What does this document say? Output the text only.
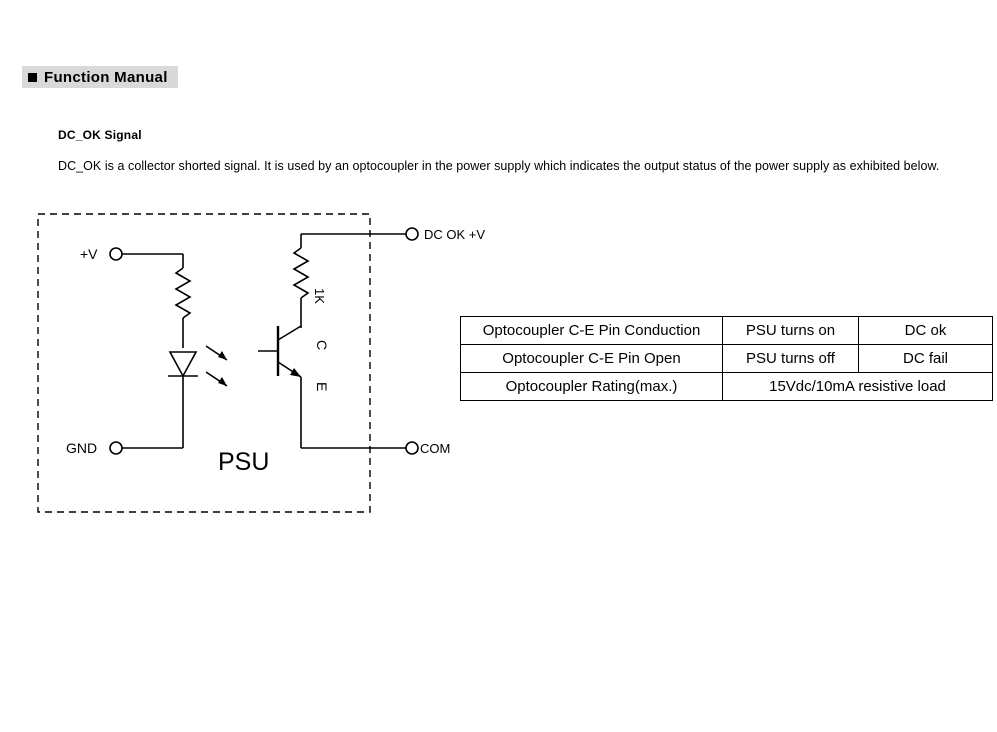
Function Manual
DC_OK Signal
DC_OK is a collector shorted signal. It is used by an optocoupler in the power supply which indicates the output status of the power supply as exhibited below.
+V
GND
DC OK +V
COM
1K
C
E
PSU
Optocoupler C-E Pin Conduction	PSU turns on	DC ok
Optocoupler C-E Pin Open	PSU turns off	DC fail
Optocoupler Rating(max.)	15Vdc/10mA resistive load	
